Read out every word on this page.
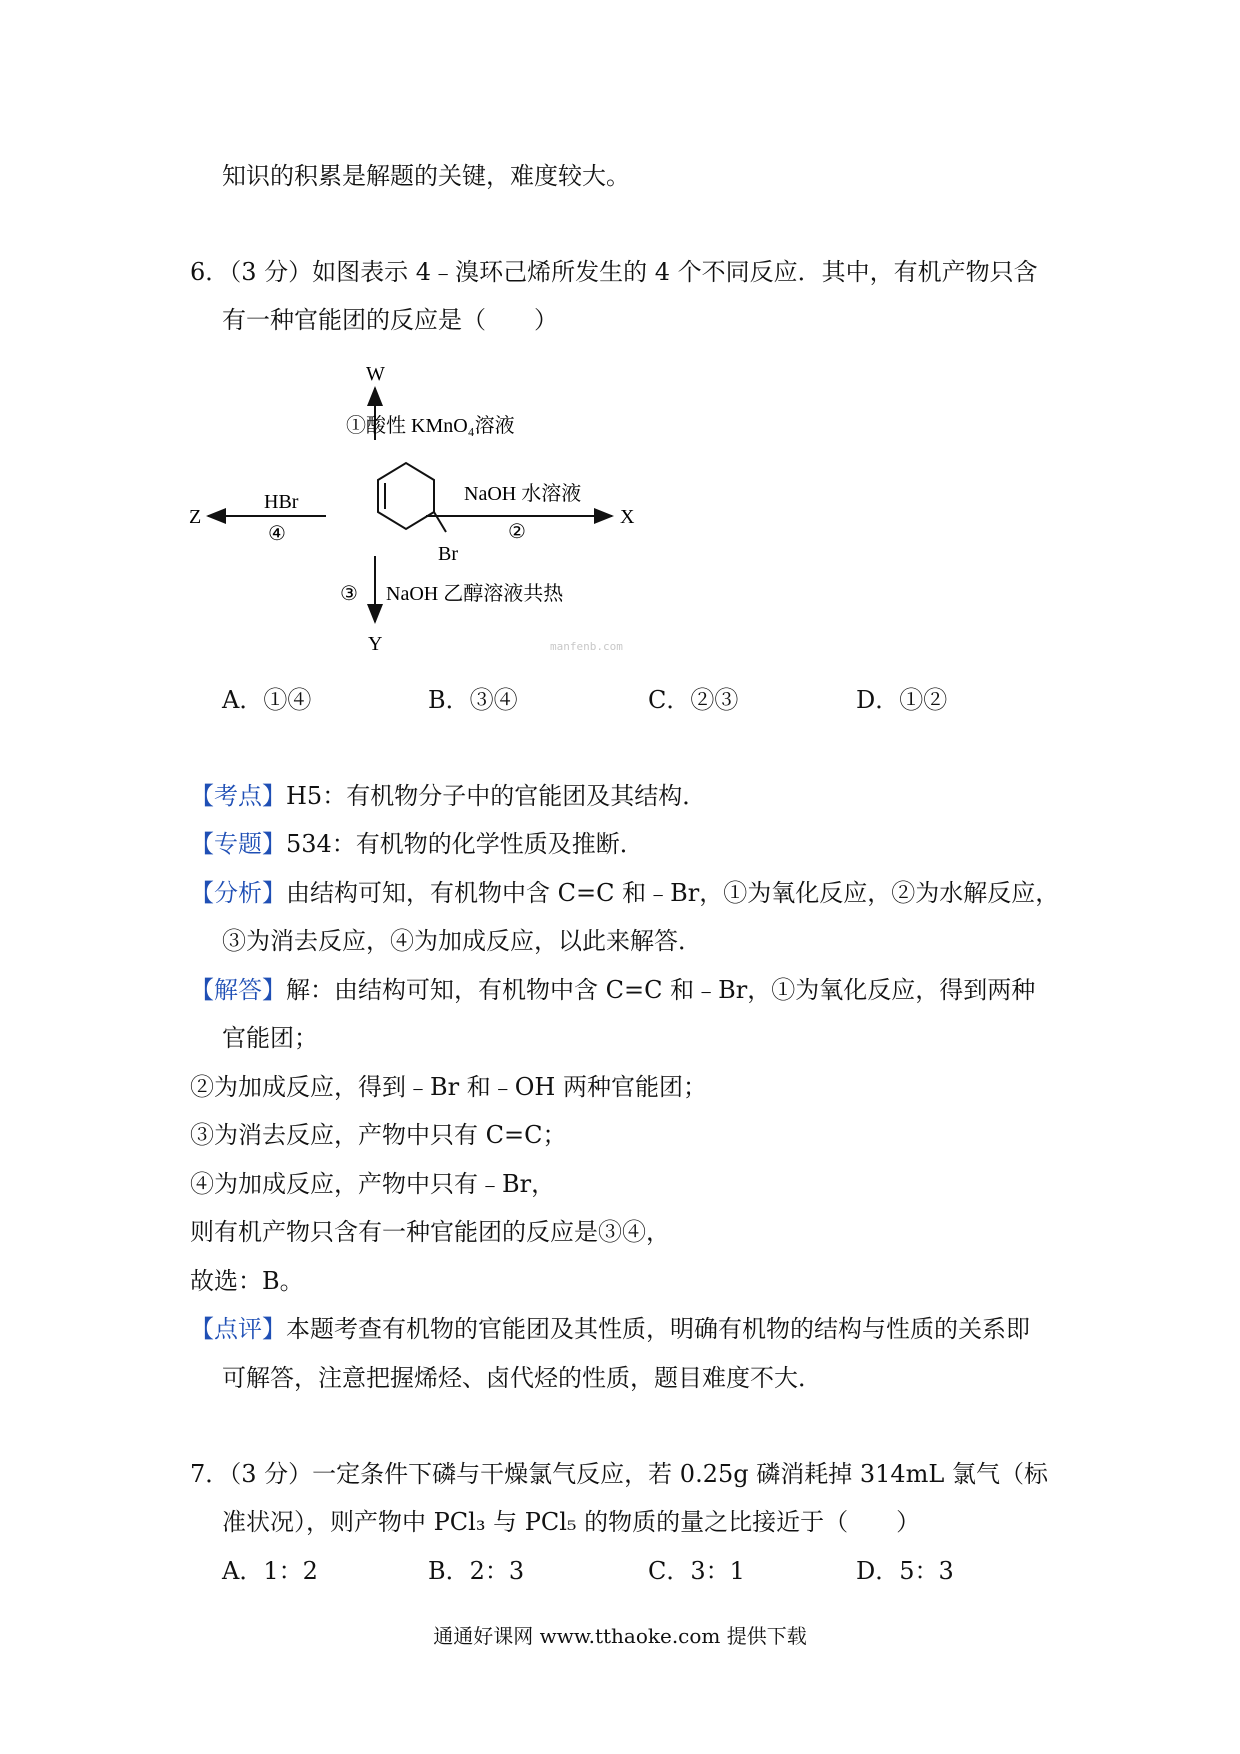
知识的积累是解题的关键，难度较大。
6．（3 分）如图表示 4﹣溴环己烯所发生的 4 个不同反应．其中，有机产物只含
有一种官能团的反应是（　　）
Br
W
①酸性 KMnO₄溶液
HBr
④
Z
NaOH 水溶液
②
X
③ NaOH 乙醇溶液共热
Y	manfenb.com
A．①④	B．③④	C．②③	D．①②
【考点】H5：有机物分子中的官能团及其结构．
【专题】534：有机物的化学性质及推断．
【分析】由结构可知，有机物中含 C=C 和﹣Br，①为氧化反应，②为水解反应，
③为消去反应，④为加成反应，以此来解答．
【解答】解：由结构可知，有机物中含 C=C 和﹣Br，①为氧化反应，得到两种
官能团；
②为加成反应，得到﹣Br 和﹣OH 两种官能团；
③为消去反应，产物中只有 C=C；
④为加成反应，产物中只有﹣Br，
则有机产物只含有一种官能团的反应是③④，
故选：B。
【点评】本题考查有机物的官能团及其性质，明确有机物的结构与性质的关系即
可解答，注意把握烯烃、卤代烃的性质，题目难度不大．
7．（3 分）一定条件下磷与干燥氯气反应，若 0.25g 磷消耗掉 314mL 氯气（标
准状况），则产物中 PCl₃ 与 PCl₅ 的物质的量之比接近于（　　）
A．1：2	B．2：3	C．3：1	D．5：3
通通好课网 www.tthaoke.com 提供下载
